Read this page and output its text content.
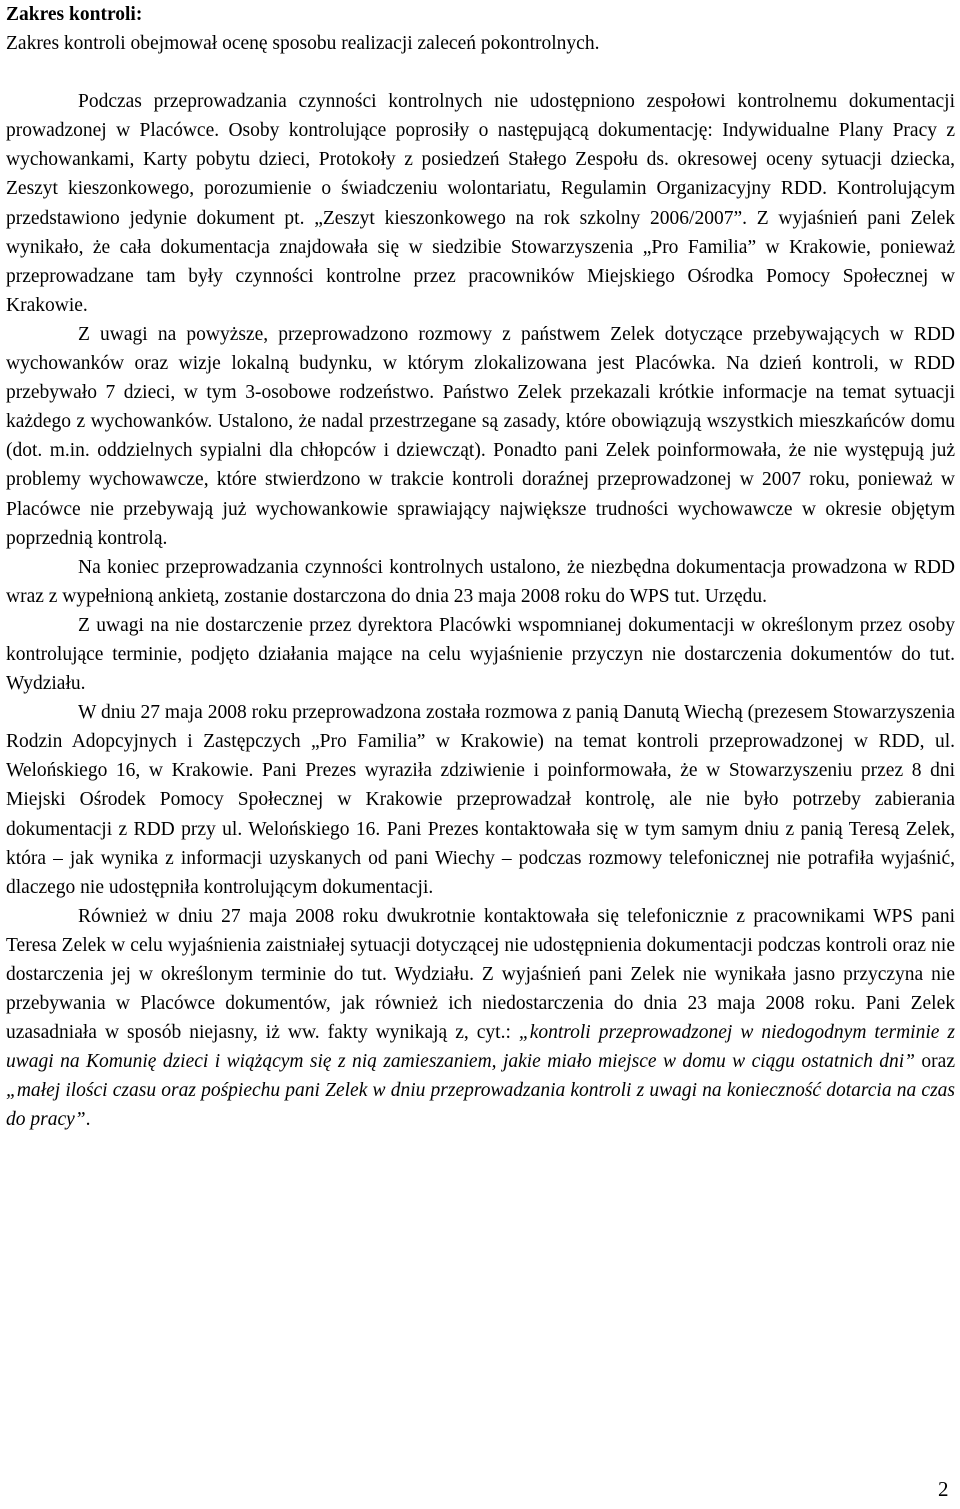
Zakres kontroli:

Zakres kontroli obejmował ocenę sposobu realizacji zaleceń pokontrolnych.

Podczas przeprowadzania czynności kontrolnych nie udostępniono zespołowi kontrolnemu dokumentacji prowadzonej w Placówce. Osoby kontrolujące poprosiły o następującą dokumentację: Indywidualne Plany Pracy z wychowankami, Karty pobytu dzieci, Protokoły z posiedzeń Stałego Zespołu ds. okresowej oceny sytuacji dziecka, Zeszyt kieszonkowego, porozumienie o świadczeniu wolontariatu, Regulamin Organizacyjny RDD. Kontrolującym przedstawiono jedynie dokument pt. „Zeszyt kieszonkowego na rok szkolny 2006/2007”. Z wyjaśnień pani Zelek wynikało, że cała dokumentacja znajdowała się w siedzibie Stowarzyszenia „Pro Familia” w Krakowie, ponieważ przeprowadzane tam były czynności kontrolne przez pracowników Miejskiego Ośrodka Pomocy Społecznej w Krakowie.

Z uwagi na powyższe, przeprowadzono rozmowy z państwem Zelek dotyczące przebywających w RDD wychowanków oraz wizje lokalną budynku, w którym zlokalizowana jest Placówka. Na dzień kontroli, w RDD przebywało 7 dzieci, w tym 3-osobowe rodzeństwo. Państwo Zelek przekazali krótkie informacje na temat sytuacji każdego z wychowanków. Ustalono, że nadal przestrzegane są zasady, które obowiązują wszystkich mieszkańców domu (dot. m.in. oddzielnych sypialni dla chłopców i dziewcząt). Ponadto pani Zelek poinformowała, że nie występują już problemy wychowawcze, które stwierdzono w trakcie kontroli doraźnej przeprowadzonej w 2007 roku, ponieważ w Placówce nie przebywają już wychowankowie sprawiający największe trudności wychowawcze w okresie objętym poprzednią kontrolą.

Na koniec przeprowadzania czynności kontrolnych ustalono, że niezbędna dokumentacja prowadzona w RDD wraz z wypełnioną ankietą, zostanie dostarczona do dnia 23 maja 2008 roku do WPS tut. Urzędu.

Z uwagi na nie dostarczenie przez dyrektora Placówki wspomnianej dokumentacji w określonym przez osoby kontrolujące terminie, podjęto działania mające na celu wyjaśnienie przyczyn nie dostarczenia dokumentów do tut. Wydziału.

W dniu 27 maja 2008 roku przeprowadzona została rozmowa z panią Danutą Wiechą (prezesem Stowarzyszenia Rodzin Adopcyjnych i Zastępczych „Pro Familia” w Krakowie) na temat kontroli przeprowadzonej w RDD, ul. Welońskiego 16, w Krakowie. Pani Prezes wyraziła zdziwienie i poinformowała, że w Stowarzyszeniu przez 8 dni Miejski Ośrodek Pomocy Społecznej w Krakowie przeprowadzał kontrolę, ale nie było potrzeby zabierania dokumentacji z RDD przy ul. Welońskiego 16. Pani Prezes kontaktowała się w tym samym dniu z panią Teresą Zelek, która – jak wynika z informacji uzyskanych od pani Wiechy – podczas rozmowy telefonicznej nie potrafiła wyjaśnić, dlaczego nie udostępniła kontrolującym dokumentacji.

Również w dniu 27 maja 2008 roku dwukrotnie kontaktowała się telefonicznie z pracownikami WPS pani Teresa Zelek w celu wyjaśnienia zaistniałej sytuacji dotyczącej nie udostępnienia dokumentacji podczas kontroli oraz nie dostarczenia jej w określonym terminie do tut. Wydziału. Z wyjaśnień pani Zelek nie wynikała jasno przyczyna nie przebywania w Placówce dokumentów, jak również ich niedostarczenia do dnia 23 maja 2008 roku. Pani Zelek uzasadniała w sposób niejasny, iż ww. fakty wynikają z, cyt.: „kontroli przeprowadzonej w niedogodnym terminie z uwagi na Komunię dzieci i wiążącym się z nią zamieszaniem, jakie miało miejsce w domu w ciągu ostatnich dni” oraz „małej ilości czasu oraz pośpiechu pani Zelek w dniu przeprowadzania kontroli z uwagi na konieczność dotarcia na czas do pracy”.

2
